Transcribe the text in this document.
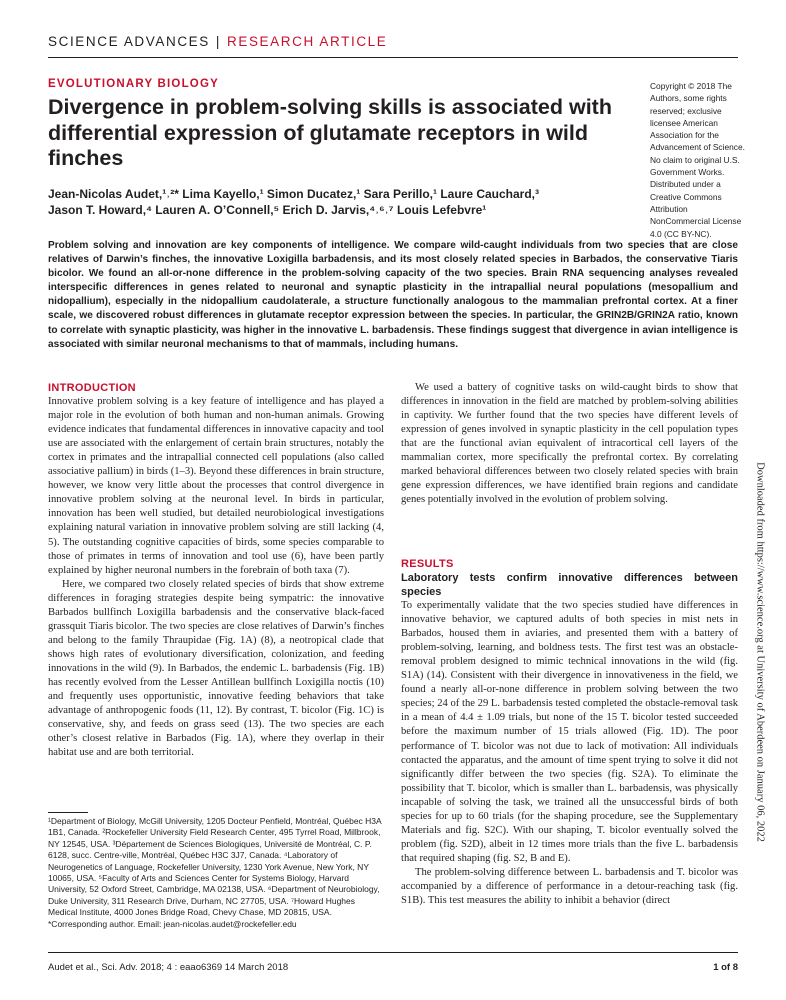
SCIENCE ADVANCES | RESEARCH ARTICLE
EVOLUTIONARY BIOLOGY
Divergence in problem-solving skills is associated with differential expression of glutamate receptors in wild finches
Jean-Nicolas Audet,¹˒²* Lima Kayello,¹ Simon Ducatez,¹ Sara Perillo,¹ Laure Cauchard,³
Jason T. Howard,⁴ Lauren A. O’Connell,⁵ Erich D. Jarvis,⁴˒⁶˒⁷ Louis Lefebvre¹
Copyright © 2018 The Authors, some rights reserved; exclusive licensee American Association for the Advancement of Science. No claim to original U.S. Government Works. Distributed under a Creative Commons Attribution NonCommercial License 4.0 (CC BY-NC).
Problem solving and innovation are key components of intelligence. We compare wild-caught individuals from two species that are close relatives of Darwin’s finches, the innovative Loxigilla barbadensis, and its most closely related species in Barbados, the conservative Tiaris bicolor. We found an all-or-none difference in the problem-solving capacity of the two species. Brain RNA sequencing analyses revealed interspecific differences in genes related to neuronal and synaptic plasticity in the intrapallial neural populations (mesopallium and nidopallium), especially in the nidopallium caudolaterale, a structure functionally analogous to the mammalian prefrontal cortex. At a finer scale, we discovered robust differences in glutamate receptor expression between the species. In particular, the GRIN2B/GRIN2A ratio, known to correlate with synaptic plasticity, was higher in the innovative L. barbadensis. These findings suggest that divergence in avian intelligence is associated with similar neuronal mechanisms to that of mammals, including humans.
INTRODUCTION

Innovative problem solving is a key feature of intelligence and has played a major role in the evolution of both human and non-human animals. Growing evidence indicates that fundamental differences in innovative capacity and tool use are associated with the enlargement of certain brain structures, notably the cortex in primates and the intrapallial connected cell populations (also called associative pallium) in birds (1–3). Beyond these differences in brain structure, however, we know very little about the processes that control divergence in innovative problem solving at the neuronal level. In birds in particular, innovation has been well studied, but detailed neurobiological investigations explaining natural variation in innovative problem solving are still lacking (4, 5). The outstanding cognitive capacities of birds, some species comparable to those of primates in terms of innovation and tool use (6), have been partly explained by higher neuronal numbers in the forebrain of both taxa (7).

Here, we compared two closely related species of birds that show extreme differences in foraging strategies despite being sympatric: the innovative Barbados bullfinch Loxigilla barbadensis and the conservative black-faced grassquit Tiaris bicolor. The two species are close relatives of Darwin’s finches and belong to the family Thraupidae (Fig. 1A) (8), a neotropical clade that shows high rates of evolutionary diversification, colonization, and feeding innovations in the wild (9). In Barbados, the endemic L. barbadensis (Fig. 1B) has recently evolved from the Lesser Antillean bullfinch Loxigilla noctis (10) and frequently uses opportunistic, innovative feeding behaviors that take advantage of anthropogenic foods (11, 12). By contrast, T. bicolor (Fig. 1C) is conservative, shy, and feeds on grass seed (13). The two species are each other’s closest relative in Barbados (Fig. 1A), where they overlap in their habitat use and are both territorial.

¹Department of Biology, McGill University, 1205 Docteur Penfield, Montréal, Québec H3A 1B1, Canada. ²Rockefeller University Field Research Center, 495 Tyrrel Road, Millbrook, NY 12545, USA. ³Département de Sciences Biologiques, Université de Montréal, C. P. 6128, succ. Centre-ville, Montréal, Québec H3C 3J7, Canada. ⁴Laboratory of Neurogenetics of Language, Rockefeller University, 1230 York Avenue, New York, NY 10065, USA. ⁵Faculty of Arts and Sciences Center for Systems Biology, Harvard University, 52 Oxford Street, Cambridge, MA 02138, USA. ⁶Department of Neurobiology, Duke University, 311 Research Drive, Durham, NC 27705, USA. ⁷Howard Hughes Medical Institute, 4000 Jones Bridge Road, Chevy Chase, MD 20815, USA. *Corresponding author. Email: jean-nicolas.audet@rockefeller.edu

We used a battery of cognitive tasks on wild-caught birds to show that differences in innovation in the field are matched by problem-solving abilities in captivity. We further found that the two species have different levels of expression of genes involved in synaptic plasticity in the cell population types that are the functional avian equivalent of intracortical cell layers of the mammalian cortex, more specifically the prefrontal cortex. By correlating marked behavioral differences between two closely related species with brain gene expression differences, we have identified brain regions and candidate genes potentially involved in the evolution of problem solving.

RESULTS
Laboratory tests confirm innovative differences between species

To experimentally validate that the two species studied have differences in innovative behavior, we captured adults of both species in mist nets in Barbados, housed them in aviaries, and presented them with a battery of problem-solving, learning, and boldness tests. The first test was an obstacle-removal problem designed to mimic technical innovations in the wild (fig. S1A) (14). Consistent with their divergence in innovativeness in the field, we found a nearly all-or-none difference in problem solving between the two species; 24 of the 29 L. barbadensis tested completed the obstacle-removal task in a mean of 4.4 ± 1.09 trials, but none of the 15 T. bicolor tested succeeded before the maximum number of 15 trials allowed (Fig. 1D). The poor performance of T. bicolor was not due to lack of motivation: All individuals contacted the apparatus, and the amount of time spent trying to solve it did not significantly differ between the two species (fig. S2A). To eliminate the possibility that T. bicolor, which is smaller than L. barbadensis, was physically incapable of solving the task, we trained all the unsuccessful birds of both species for up to 60 trials (for the shaping procedure, see the Supplementary Materials and fig. S2C). With our shaping, T. bicolor eventually solved the problem (fig. S2D), albeit in 12 times more trials than the five L. barbadensis that required shaping (fig. S2, B and E).

The problem-solving difference between L. barbadensis and T. bicolor was accompanied by a difference of performance in a detour-reaching task (fig. S1B). This test measures the ability to inhibit a behavior (direct

Audet et al., Sci. Adv. 2018; 4 : eaao6369 14 March 2018	1 of 8
Downloaded from https://www.science.org at University of Aberdeen on January 06, 2022
